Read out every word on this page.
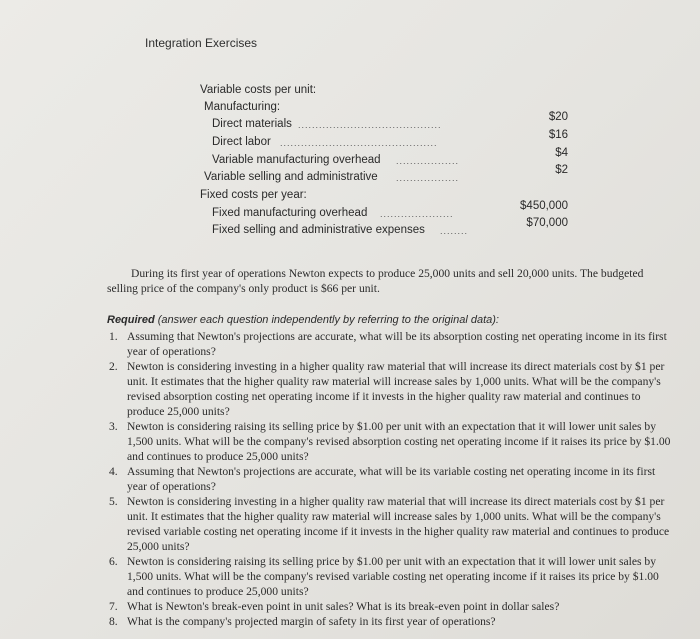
Integration Exercises
Variable costs per unit:
Manufacturing:
Direct materials .........................................
$20
Direct labor .............................................
$16
Variable manufacturing overhead ..................
$4
Variable selling and administrative ..................
$2
Fixed costs per year:
Fixed manufacturing overhead .....................
$450,000
Fixed selling and administrative expenses ........
$70,000
During its first year of operations Newton expects to produce 25,000 units and sell 20,000 units. The budgeted selling price of the company's only product is $66 per unit.
Required (answer each question independently by referring to the original data):
1. Assuming that Newton's projections are accurate, what will be its absorption costing net operating income in its first year of operations?
2. Newton is considering investing in a higher quality raw material that will increase its direct materials cost by $1 per unit. It estimates that the higher quality raw material will increase sales by 1,000 units. What will be the company's revised absorption costing net operating income if it invests in the higher quality raw material and continues to produce 25,000 units?
3. Newton is considering raising its selling price by $1.00 per unit with an expectation that it will lower unit sales by 1,500 units. What will be the company's revised absorption costing net operating income if it raises its price by $1.00 and continues to produce 25,000 units?
4. Assuming that Newton's projections are accurate, what will be its variable costing net operating income in its first year of operations?
5. Newton is considering investing in a higher quality raw material that will increase its direct materials cost by $1 per unit. It estimates that the higher quality raw material will increase sales by 1,000 units. What will be the company's revised variable costing net operating income if it invests in the higher quality raw material and continues to produce 25,000 units?
6. Newton is considering raising its selling price by $1.00 per unit with an expectation that it will lower unit sales by 1,500 units. What will be the company's revised variable costing net operating income if it raises its price by $1.00 and continues to produce 25,000 units?
7. What is Newton's break-even point in unit sales? What is its break-even point in dollar sales?
8. What is the company's projected margin of safety in its first year of operations?
